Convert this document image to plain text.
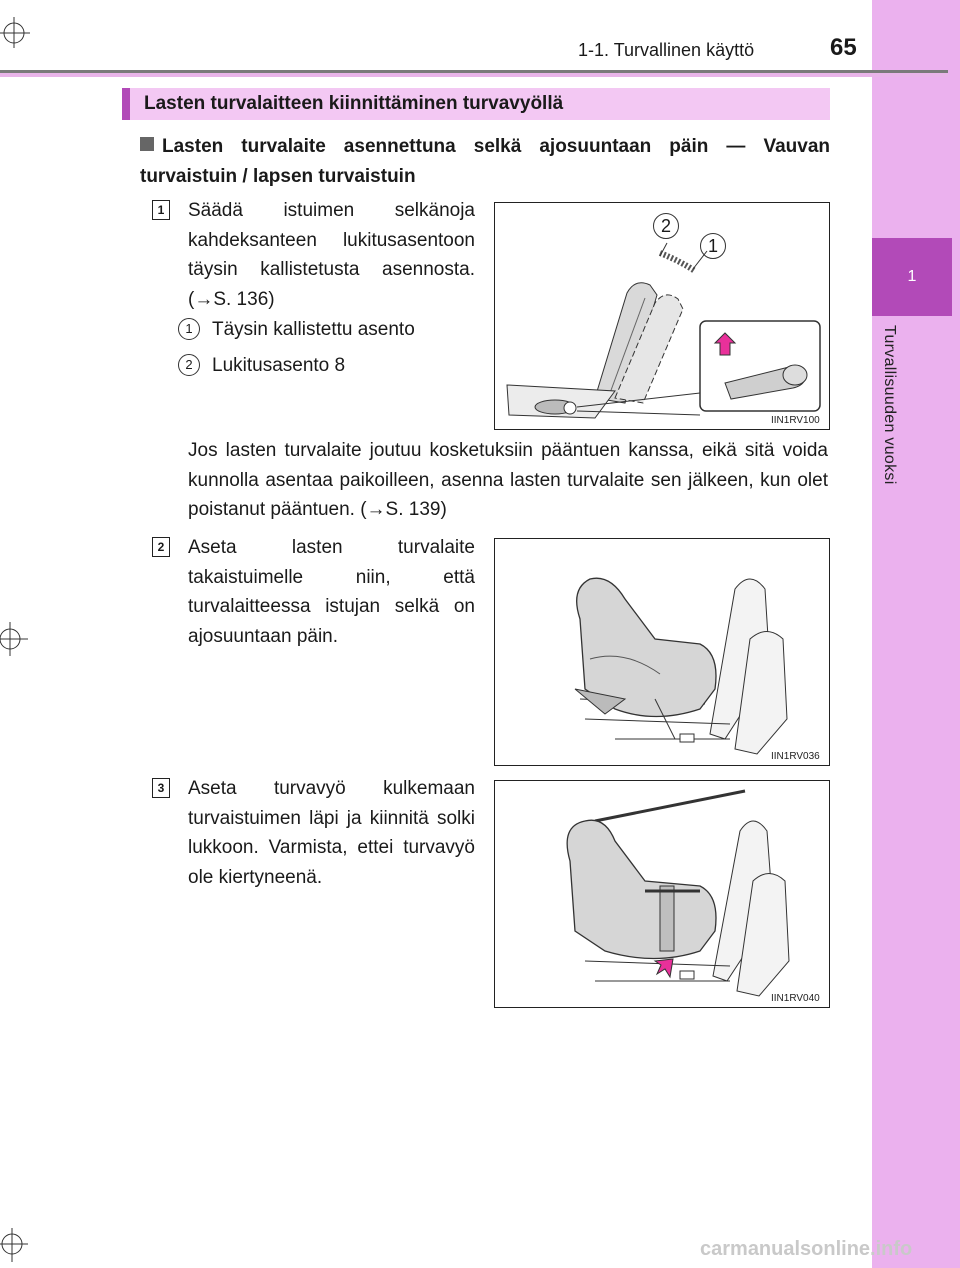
1
Turvallisuuden vuoksi
1-1. Turvallinen käyttö	65
Lasten turvalaitteen kiinnittäminen turvavyöllä
Lasten turvalaite asennettuna selkä ajosuuntaan päin — Vauvan turvaistuin / lapsen turvaistuin
1 Säädä istuimen selkänoja kahdeksanteen lukitusasentoon täysin kallistetusta asennosta. (→S. 136)
1	Täysin kallistettu asento
2	Lukitusasento 8
2
1
IIN1RV100
Jos lasten turvalaite joutuu kosketuksiin pääntuen kanssa, eikä sitä voida kunnolla asentaa paikoilleen, asenna lasten turvalaite sen jälkeen, kun olet poistanut pääntuen. (→S. 139)
2 Aseta lasten turvalaite takaistuimelle niin, että turvalaitteessa istujan selkä on ajosuuntaan päin.
IIN1RV036
3 Aseta turvavyö kulkemaan turvaistuimen läpi ja kiinnitä solki lukkoon. Varmista, ettei turvavyö ole kiertyneenä.
IIN1RV040
carmanualsonline.info
